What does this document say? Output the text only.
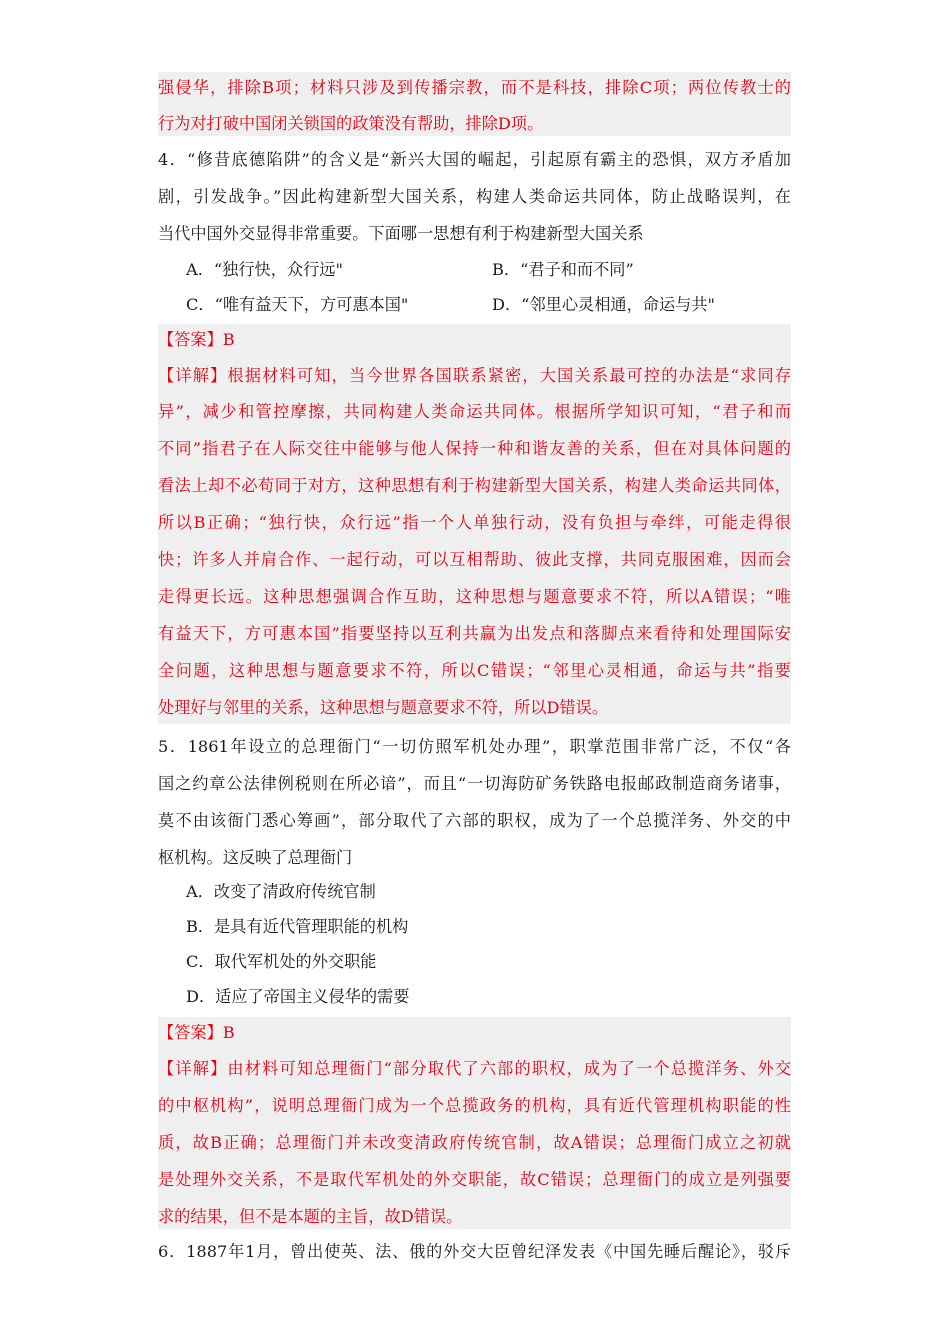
强侵华，排除B项；材料只涉及到传播宗教，而不是科技，排除C项；两位传教士的
行为对打破中国闭关锁国的政策没有帮助，排除D项。
4．“修昔底德陷阱”的含义是“新兴大国的崛起，引起原有霸主的恐惧，双方矛盾加
剧，引发战争。”因此构建新型大国关系，构建人类命运共同体，防止战略误判，在
当代中国外交显得非常重要。下面哪一思想有利于构建新型大国关系
A．“独行快，众行远"	B．“君子和而不同”
C．“唯有益天下，方可惠本国"	D．“邻里心灵相通，命运与共"
【答案】B
【详解】根据材料可知，当今世界各国联系紧密，大国关系最可控的办法是“求同存
异”，减少和管控摩擦，共同构建人类命运共同体。根据所学知识可知，“君子和而
不同”指君子在人际交往中能够与他人保持一种和谐友善的关系，但在对具体问题的
看法上却不必苟同于对方，这种思想有利于构建新型大国关系，构建人类命运共同体，
所以B正确；“独行快，众行远”指一个人单独行动，没有负担与牵绊，可能走得很
快；许多人并肩合作、一起行动，可以互相帮助、彼此支撑，共同克服困难，因而会
走得更长远。这种思想强调合作互助，这种思想与题意要求不符，所以A错误；“唯
有益天下，方可惠本国”指要坚持以互利共赢为出发点和落脚点来看待和处理国际安
全问题，这种思想与题意要求不符，所以C错误；“邻里心灵相通，命运与共”指要
处理好与邻里的关系，这种思想与题意要求不符，所以D错误。
5．1861年设立的总理衙门“一切仿照军机处办理”，职掌范围非常广泛，不仅“各
国之约章公法律例税则在所必谙”，而且“一切海防矿务铁路电报邮政制造商务诸事，
莫不由该衙门悉心筹画”，部分取代了六部的职权，成为了一个总揽洋务、外交的中
枢机构。这反映了总理衙门
A．改变了清政府传统官制
B．是具有近代管理职能的机构
C．取代军机处的外交职能
D．适应了帝国主义侵华的需要
【答案】B
【详解】由材料可知总理衙门“部分取代了六部的职权，成为了一个总揽洋务、外交
的中枢机构”，说明总理衙门成为一个总揽政务的机构，具有近代管理机构职能的性
质，故B正确；总理衙门并未改变清政府传统官制，故A错误；总理衙门成立之初就
是处理外交关系，不是取代军机处的外交职能，故C错误；总理衙门的成立是列强要
求的结果，但不是本题的主旨，故D错误。
6．1887年1月，曾出使英、法、俄的外交大臣曾纪泽发表《中国先睡后醒论》，驳斥
